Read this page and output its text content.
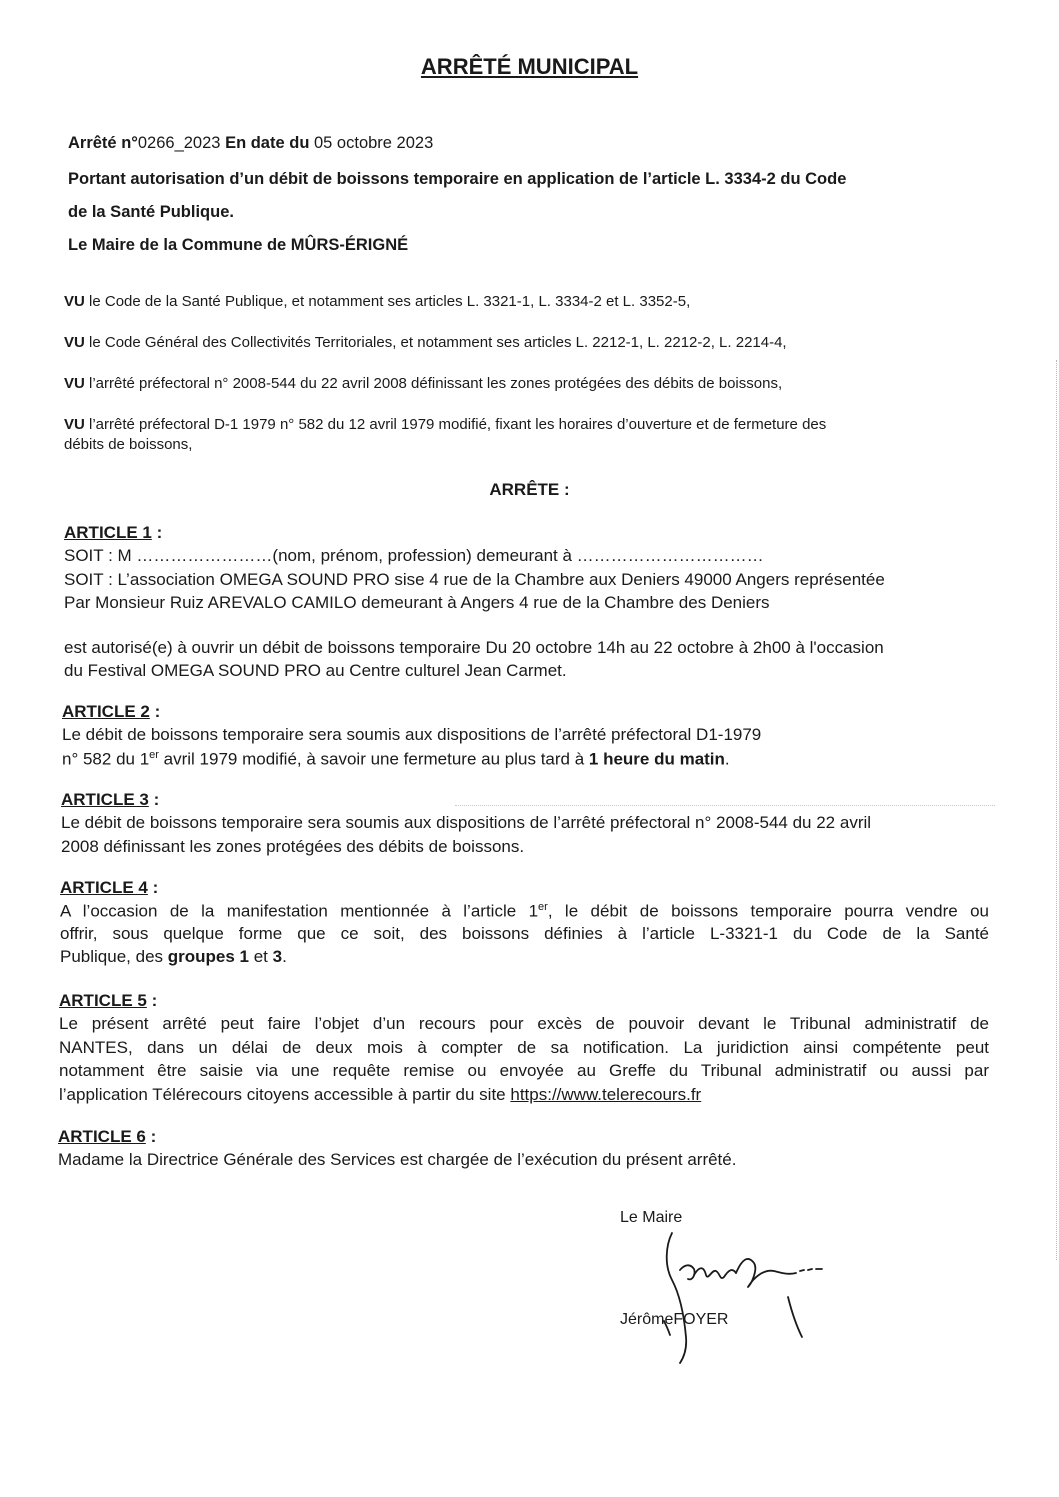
ARRÊTÉ MUNICIPAL
Arrêté n°0266_2023 En date du 05 octobre 2023
Portant autorisation d’un débit de boissons temporaire en application de l’article L. 3334-2 du Code
de la Santé Publique.
Le Maire de la Commune de MÛRS-ÉRIGNÉ
VU le Code de la Santé Publique, et notamment ses articles L. 3321-1, L. 3334-2 et L. 3352-5,
VU le Code Général des Collectivités Territoriales, et notamment ses articles L. 2212-1, L. 2212-2, L. 2214-4,
VU l’arrêté préfectoral n° 2008-544 du 22 avril 2008 définissant les zones protégées des débits de boissons,
VU l’arrêté préfectoral D-1 1979 n° 582 du 12 avril 1979 modifié, fixant les horaires d’ouverture et de fermeture des
débits de boissons,
ARRÊTE :
ARTICLE 1 :
SOIT : M ……………………(nom, prénom, profession) demeurant à ……………………………
SOIT : L’association OMEGA SOUND PRO sise 4 rue de la Chambre aux Deniers 49000 Angers représentée
Par Monsieur Ruiz AREVALO CAMILO demeurant à Angers 4 rue de la Chambre des Deniers
est autorisé(e) à ouvrir un débit de boissons temporaire Du 20 octobre 14h au 22 octobre à 2h00 à l'occasion
du Festival OMEGA SOUND PRO au Centre culturel Jean Carmet.
ARTICLE 2 :
Le débit de boissons temporaire sera soumis aux dispositions de l’arrêté préfectoral D1-1979
n° 582 du 1er avril 1979 modifié, à savoir une fermeture au plus tard à 1 heure du matin.
ARTICLE 3 :
Le débit de boissons temporaire sera soumis aux dispositions de l’arrêté préfectoral n° 2008-544 du 22 avril
2008 définissant les zones protégées des débits de boissons.
ARTICLE 4 :
A l’occasion de la manifestation mentionnée à l’article 1er, le débit de boissons temporaire pourra vendre ou
offrir, sous quelque forme que ce soit, des boissons définies à l’article L-3321-1 du Code de la Santé
Publique, des groupes 1 et 3.
ARTICLE 5 :
Le présent arrêté peut faire l’objet d’un recours pour excès de pouvoir devant le Tribunal administratif de
NANTES, dans un délai de deux mois à compter de sa notification. La juridiction ainsi compétente peut
notamment être saisie via une requête remise ou envoyée au Greffe du Tribunal administratif ou aussi par
l’application Télérecours citoyens accessible à partir du site https://www.telerecours.fr
ARTICLE 6 :
Madame la Directrice Générale des Services est chargée de l’exécution du présent arrêté.
Le Maire
JérômeFOYER
